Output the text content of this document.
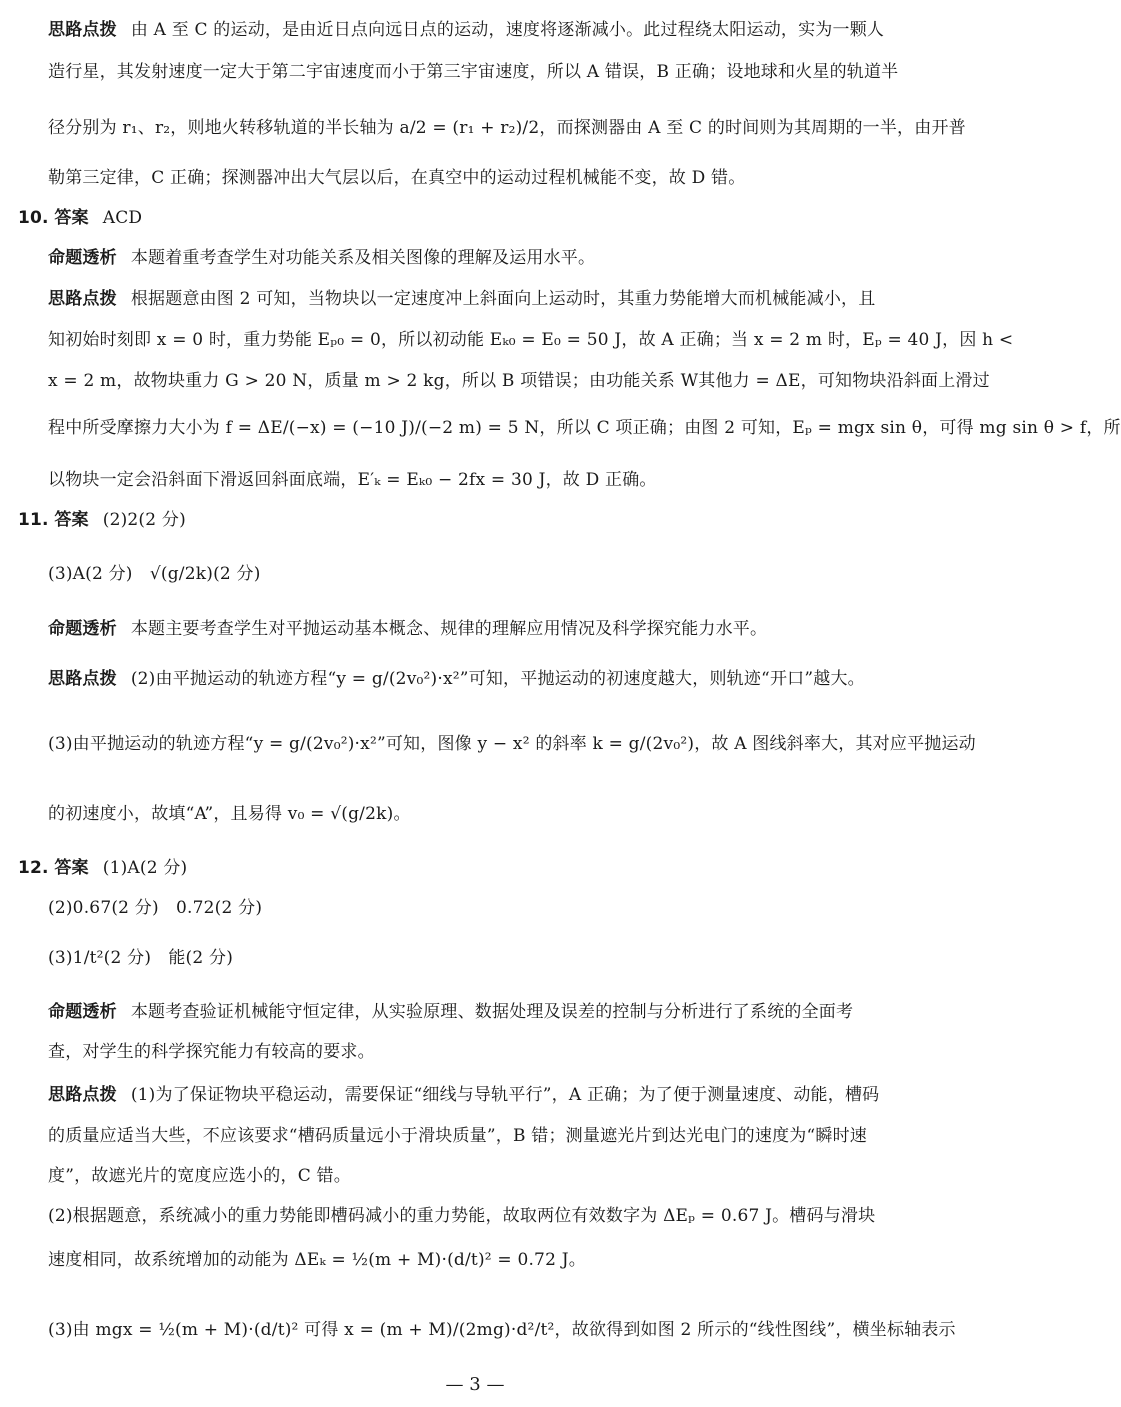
思路点拨 由 A 至 C 的运动，是由近日点向远日点的运动，速度将逐渐减小。此过程绕太阳运动，实为一颗人
造行星，其发射速度一定大于第二宇宙速度而小于第三宇宙速度，所以 A 错误，B 正确；设地球和火星的轨道半
径分别为 r₁、r₂，则地火转移轨道的半长轴为 a/2 = (r₁ + r₂)/2，而探测器由 A 至 C 的时间则为其周期的一半，由开普
勒第三定律，C 正确；探测器冲出大气层以后，在真空中的运动过程机械能不变，故 D 错。
10. 答案 ACD
命题透析 本题着重考查学生对功能关系及相关图像的理解及运用水平。
思路点拨 根据题意由图 2 可知，当物块以一定速度冲上斜面向上运动时，其重力势能增大而机械能减小，且
知初始时刻即 x = 0 时，重力势能 Eₚ₀ = 0，所以初动能 Eₖ₀ = E₀ = 50 J，故 A 正确；当 x = 2 m 时，Eₚ = 40 J，因 h <
x = 2 m，故物块重力 G > 20 N，质量 m > 2 kg，所以 B 项错误；由功能关系 W其他力 = ΔE，可知物块沿斜面上滑过
程中所受摩擦力大小为 f = ΔE/(−x) = (−10 J)/(−2 m) = 5 N，所以 C 项正确；由图 2 可知，Eₚ = mgx sin θ，可得 mg sin θ > f，所
以物块一定会沿斜面下滑返回斜面底端，E′ₖ = Eₖ₀ − 2fx = 30 J，故 D 正确。
11. 答案 (2)2(2 分)
(3)A(2 分)　√(g/2k)(2 分)
命题透析 本题主要考查学生对平抛运动基本概念、规律的理解应用情况及科学探究能力水平。
思路点拨 (2)由平抛运动的轨迹方程“y = g/(2v₀²)·x²”可知，平抛运动的初速度越大，则轨迹“开口”越大。
(3)由平抛运动的轨迹方程“y = g/(2v₀²)·x²”可知，图像 y − x² 的斜率 k = g/(2v₀²)，故 A 图线斜率大，其对应平抛运动
的初速度小，故填“A”，且易得 v₀ = √(g/2k)。
12. 答案 (1)A(2 分)
(2)0.67(2 分)　0.72(2 分)
(3)1/t²(2 分)　能(2 分)
命题透析 本题考查验证机械能守恒定律，从实验原理、数据处理及误差的控制与分析进行了系统的全面考
查，对学生的科学探究能力有较高的要求。
思路点拨 (1)为了保证物块平稳运动，需要保证“细线与导轨平行”，A 正确；为了便于测量速度、动能，槽码
的质量应适当大些，不应该要求“槽码质量远小于滑块质量”，B 错；测量遮光片到达光电门的速度为“瞬时速
度”，故遮光片的宽度应选小的，C 错。
(2)根据题意，系统减小的重力势能即槽码减小的重力势能，故取两位有效数字为 ΔEₚ = 0.67 J。槽码与滑块
速度相同，故系统增加的动能为 ΔEₖ = ½(m + M)·(d/t)² = 0.72 J。
(3)由 mgx = ½(m + M)·(d/t)² 可得 x = (m + M)/(2mg)·d²/t²，故欲得到如图 2 所示的“线性图线”，横坐标轴表示
— 3 —
